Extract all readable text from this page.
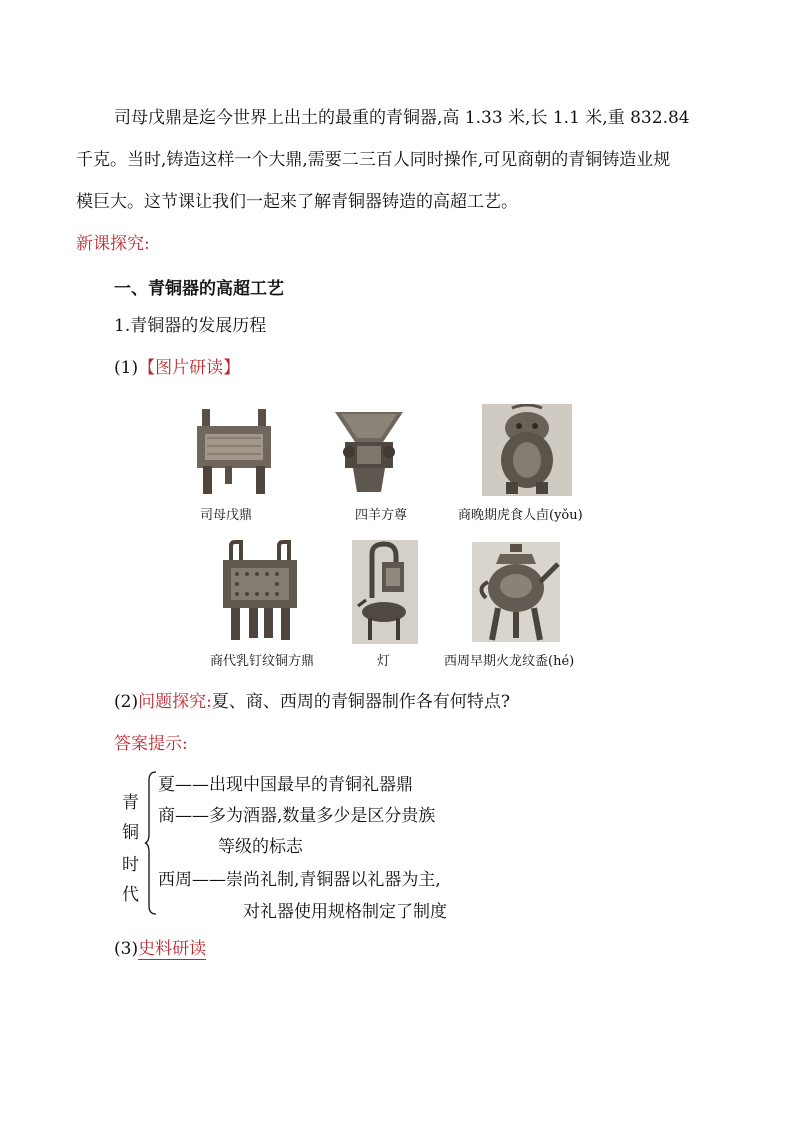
司母戊鼎是迄今世界上出土的最重的青铜器,高 1.33 米,长 1.1 米,重 832.84
千克。当时,铸造这样一个大鼎,需要二三百人同时操作,可见商朝的青铜铸造业规
模巨大。这节课让我们一起来了解青铜器铸造的高超工艺。
新课探究:
一、青铜器的高超工艺
1.青铜器的发展历程
(1)【图片研读】
司母戊鼎	四羊方尊	商晚期虎食人卣(yǒu)
商代乳钉纹铜方鼎	灯	西周早期火龙纹盉(hé)
(2)问题探究:夏、商、西周的青铜器制作各有何特点?
答案提示:
青
铜
时
代
夏——出现中国最早的青铜礼器鼎
商——多为酒器,数量多少是区分贵族
等级的标志
西周——崇尚礼制,青铜器以礼器为主,
对礼器使用规格制定了制度
(3)史料研读
